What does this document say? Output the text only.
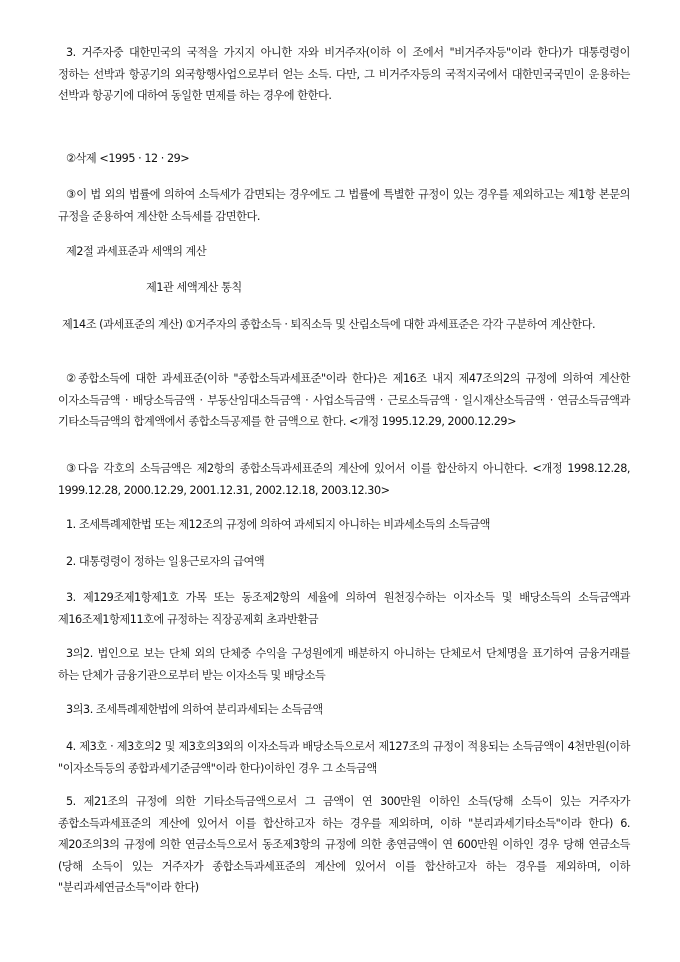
3. 거주자중 대한민국의 국적을 가지지 아니한 자와 비거주자(이하 이 조에서 "비거주자등"이라 한다)가 대통령령이 정하는 선박과 항공기의 외국항행사업으로부터 얻는 소득. 다만, 그 비거주자등의 국적지국에서 대한민국국민이 운용하는 선박과 항공기에 대하여 동일한 면제를 하는 경우에 한한다.

②삭제 <1995 · 12 · 29>

③이 법 외의 법률에 의하여 소득세가 감면되는 경우에도 그 법률에 특별한 규정이 있는 경우를 제외하고는 제1항 본문의 규정을 준용하여 계산한 소득세를 감면한다.

제2절 과세표준과 세액의 계산
제1관 세액계산 통칙

제14조 (과세표준의 계산) ①거주자의 종합소득 · 퇴직소득 및 산림소득에 대한 과세표준은 각각 구분하여 계산한다.

②종합소득에 대한 과세표준(이하 "종합소득과세표준"이라 한다)은 제16조 내지 제47조의2의 규정에 의하여 계산한 이자소득금액 · 배당소득금액 · 부동산임대소득금액 · 사업소득금액 · 근로소득금액 · 일시재산소득금액 · 연금소득금액과 기타소득금액의 합계액에서 종합소득공제를 한 금액으로 한다. <개정 1995.12.29, 2000.12.29>

③다음 각호의 소득금액은 제2항의 종합소득과세표준의 계산에 있어서 이를 합산하지 아니한다. <개정 1998.12.28, 1999.12.28, 2000.12.29, 2001.12.31, 2002.12.18, 2003.12.30>

1. 조세특례제한법 또는 제12조의 규정에 의하여 과세되지 아니하는 비과세소득의 소득금액

2. 대통령령이 정하는 일용근로자의 급여액

3. 제129조제1항제1호 가목 또는 동조제2항의 세율에 의하여 원천징수하는 이자소득 및 배당소득의 소득금액과 제16조제1항제11호에 규정하는 직장공제회 초과반환금

3의2. 법인으로 보는 단체 외의 단체중 수익을 구성원에게 배분하지 아니하는 단체로서 단체명을 표기하여 금융거래를 하는 단체가 금융기관으로부터 받는 이자소득 및 배당소득

3의3. 조세특례제한법에 의하여 분리과세되는 소득금액

4. 제3호 · 제3호의2 및 제3호의3외의 이자소득과 배당소득으로서 제127조의 규정이 적용되는 소득금액이 4천만원(이하 "이자소득등의 종합과세기준금액"이라 한다)이하인 경우 그 소득금액

5. 제21조의 규정에 의한 기타소득금액으로서 그 금액이 연 300만원 이하인 소득(당해 소득이 있는 거주자가 종합소득과세표준의 계산에 있어서 이를 합산하고자 하는 경우를 제외하며, 이하 "분리과세기타소득"이라 한다) 6. 제20조의3의 규정에 의한 연금소득으로서 동조제3항의 규정에 의한 총연금액이 연 600만원 이하인 경우 당해 연금소득(당해 소득이 있는 거주자가 종합소득과세표준의 계산에 있어서 이를 합산하고자 하는 경우를 제외하며, 이하 "분리과세연금소득"이라 한다)
